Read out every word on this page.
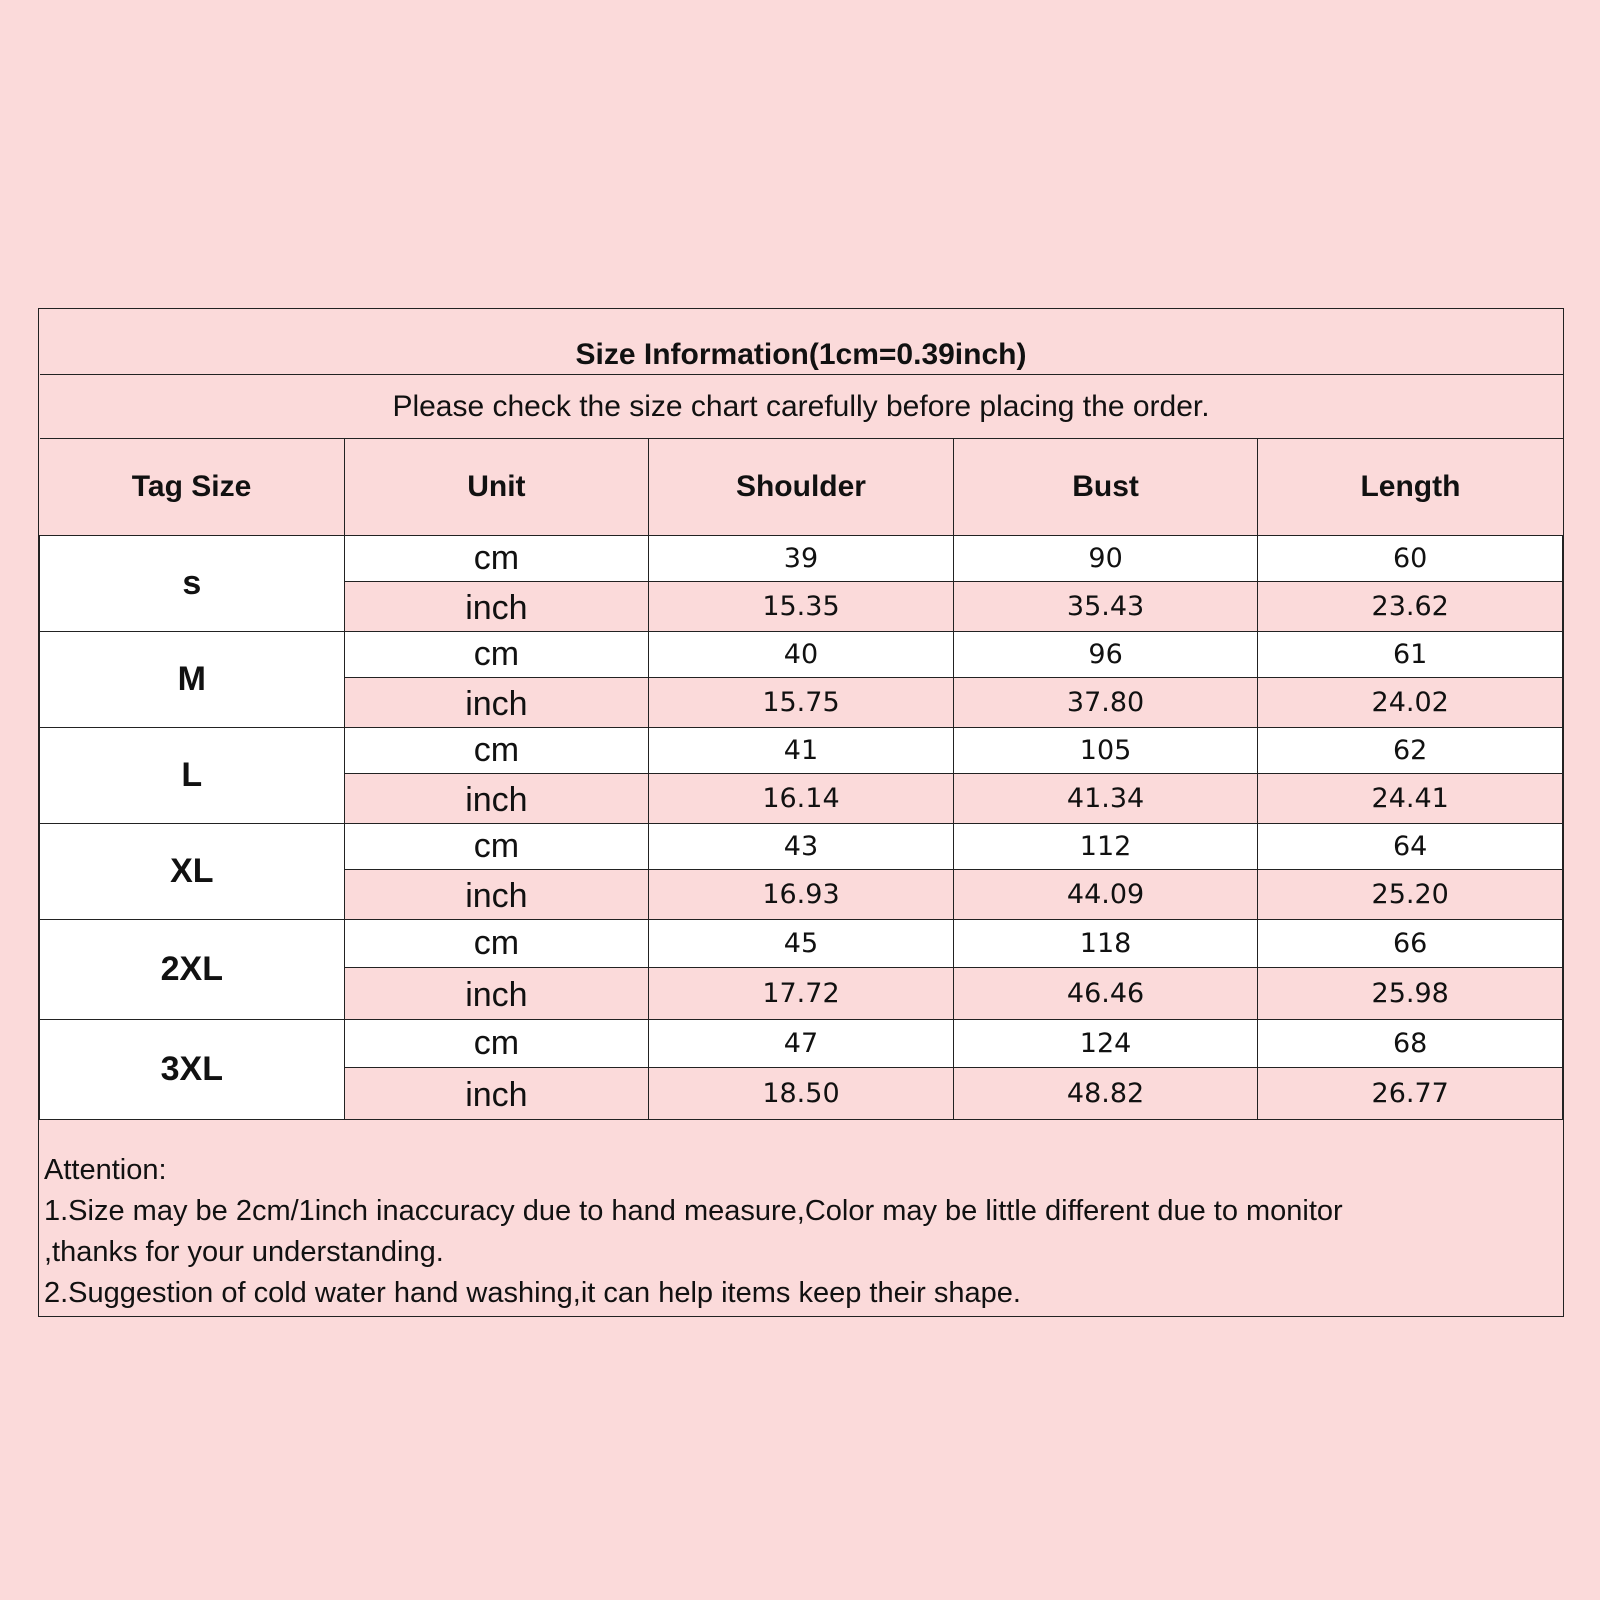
Size Information(1cm=0.39inch)				
Please check the size chart carefully before placing the order.				
Tag Size	Unit	Shoulder	Bust	Length
s	cm	39	90	60
	inch	15.35	35.43	23.62
M	cm	40	96	61
	inch	15.75	37.80	24.02
L	cm	41	105	62
	inch	16.14	41.34	24.41
XL	cm	43	112	64
	inch	16.93	44.09	25.20
2XL	cm	45	118	66
	inch	17.72	46.46	25.98
3XL	cm	47	124	68
	inch	18.50	48.82	26.77
Attention:
1.Size may be 2cm/1inch inaccuracy due to hand measure,Color may be little different due to monitor
,thanks for your understanding.
2.Suggestion of cold water hand washing,it can help items keep their shape.
